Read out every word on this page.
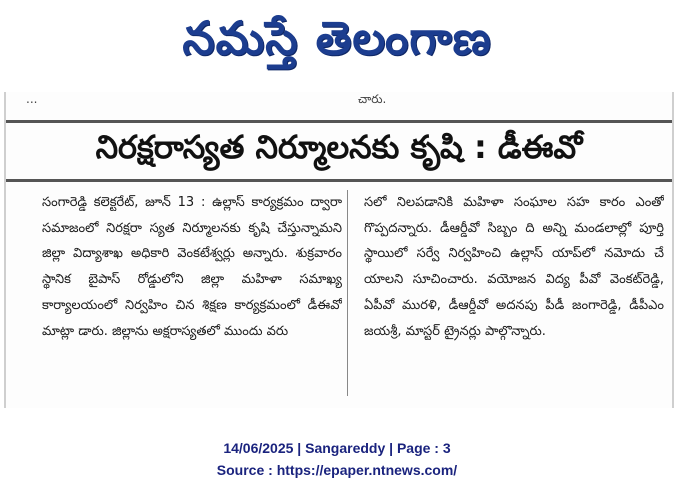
నమస్తే తెలంగాణ
...	చారు.
నిరక్షరాస్యత నిర్మూలనకు కృషి : డీఈవో

సంగారెడ్డి కలెక్టరేట్, జూన్ 13 : ఉల్లాస్ కార్యక్రమం ద్వారా సమాజంలో నిరక్షరా స్యత నిర్మూలనకు కృషి చేస్తున్నామని జిల్లా విద్యాశాఖ అధికారి వెంకటేశ్వర్లు అన్నారు. శుక్రవారం స్థానిక బైపాస్ రోడ్డులోని జిల్లా మహిళా సమాఖ్య కార్యాలయంలో నిర్వహిం చిన శిక్షణ కార్యక్రమంలో డీఈవో మాట్లా డారు. జిల్లాను అక్షరాస్యతలో ముందు వరు

సలో నిలపడానికి మహిళా సంఘాల సహ కారం ఎంతో గొప్పదన్నారు. డీఆర్డీవో సిబ్బం ది అన్ని మండలాల్లో పూర్తి స్థాయిలో సర్వే నిర్వహించి ఉల్లాస్ యాప్‌లో నమోదు చే యాలని సూచించారు. వయోజన విద్య పీవో వెంకట్‌రెడ్డి, ఏపీవో మురళి, డీఆర్డీవో అదనపు పీడీ జంగారెడ్డి, డీపీఎం జయశ్రీ, మాస్టర్ ట్రైనర్లు పాల్గొన్నారు.

14/06/2025 | Sangareddy | Page : 3
Source : https://epaper.ntnews.com/
